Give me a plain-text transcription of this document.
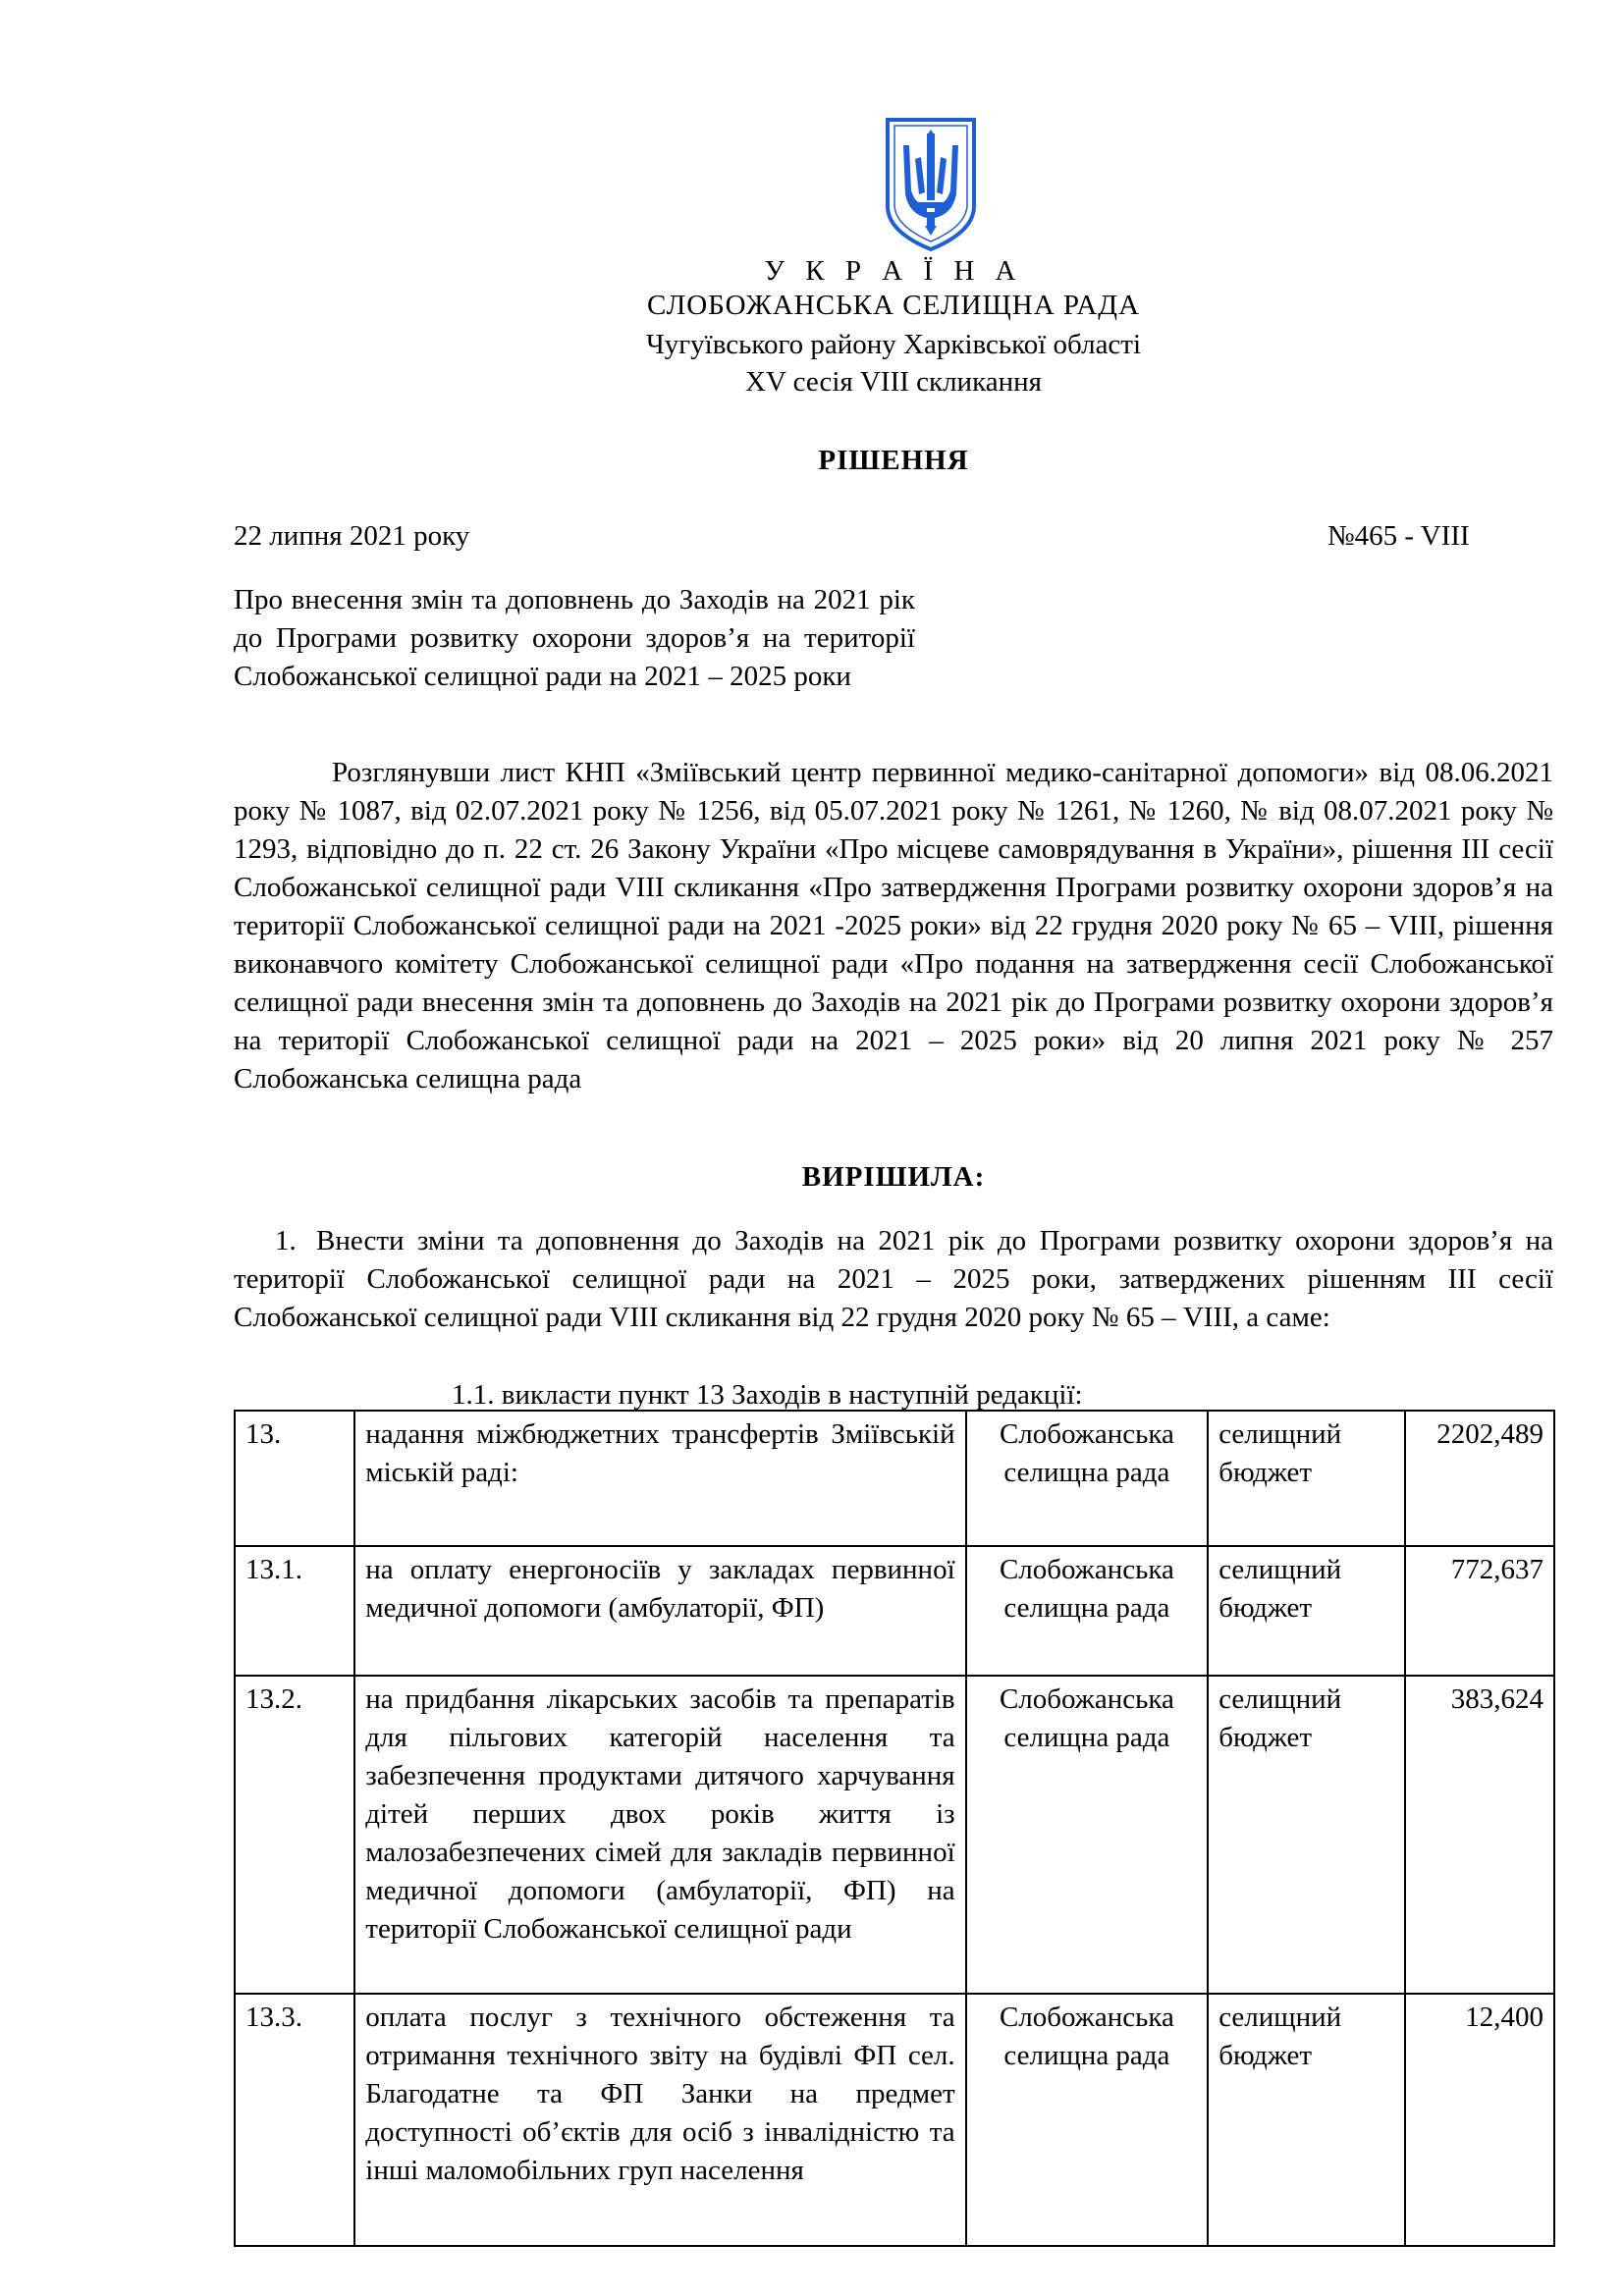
У К Р А Ї Н А
СЛОБОЖАНСЬКА СЕЛИЩНА РАДА
Чугуївського району Харківської області
XV сесія VIII скликання
РІШЕННЯ
22 липня 2021 року	№465 - VIII
Про внесення змін та доповнень до Заходів на 2021 рік до Програми розвитку охорони здоров’я на території Слобожанської селищної ради на 2021 – 2025 роки
Розглянувши лист КНП «Зміївський центр первинної медико-санітарної допомоги» від 08.06.2021 року № 1087, від 02.07.2021 року № 1256, від 05.07.2021 року № 1261, № 1260, № від 08.07.2021 року № 1293, відповідно до п. 22 ст. 26 Закону України «Про місцеве самоврядування в України», рішення ІІІ сесії Слобожанської селищної ради VIII скликання «Про затвердження Програми розвитку охорони здоров’я на території Слобожанської селищної ради на 2021 -2025 роки» від 22 грудня 2020 року № 65 – VIII, рішення виконавчого комітету Слобожанської селищної ради «Про подання на затвердження сесії Слобожанської селищної ради внесення змін та доповнень до Заходів на 2021 рік до Програми розвитку охорони здоров’я на території Слобожанської селищної ради на 2021 – 2025 роки» від 20 липня 2021 року № 257 Слобожанська селищна рада
ВИРІШИЛА:
1. Внести зміни та доповнення до Заходів на 2021 рік до Програми розвитку охорони здоров’я на території Слобожанської селищної ради на 2021 – 2025 роки, затверджених рішенням ІІІ сесії Слобожанської селищної ради VIII скликання від 22 грудня 2020 року № 65 – VIII, а саме:
1.1. викласти пункт 13 Заходів в наступній редакції:
13.	надання міжбюджетних трансфертів Зміївській міській раді:	Слобожанська селищна рада	селищний бюджет	2202,489
13.1.	на оплату енергоносіїв у закладах первинної медичної допомоги (амбулаторії, ФП)	Слобожанська селищна рада	селищний бюджет	772,637
13.2.	на придбання лікарських засобів та препаратів для пільгових категорій населення та забезпечення продуктами дитячого харчування дітей перших двох років життя із малозабезпечених сімей для закладів первинної медичної допомоги (амбулаторії, ФП) на території Слобожанської селищної ради	Слобожанська селищна рада	селищний бюджет	383,624
13.3.	оплата послуг з технічного обстеження та отримання технічного звіту на будівлі ФП сел. Благодатне та ФП Занки на предмет доступності об’єктів для осіб з інвалідністю та інші маломобільних груп населення	Слобожанська селищна рада	селищний бюджет	12,400
